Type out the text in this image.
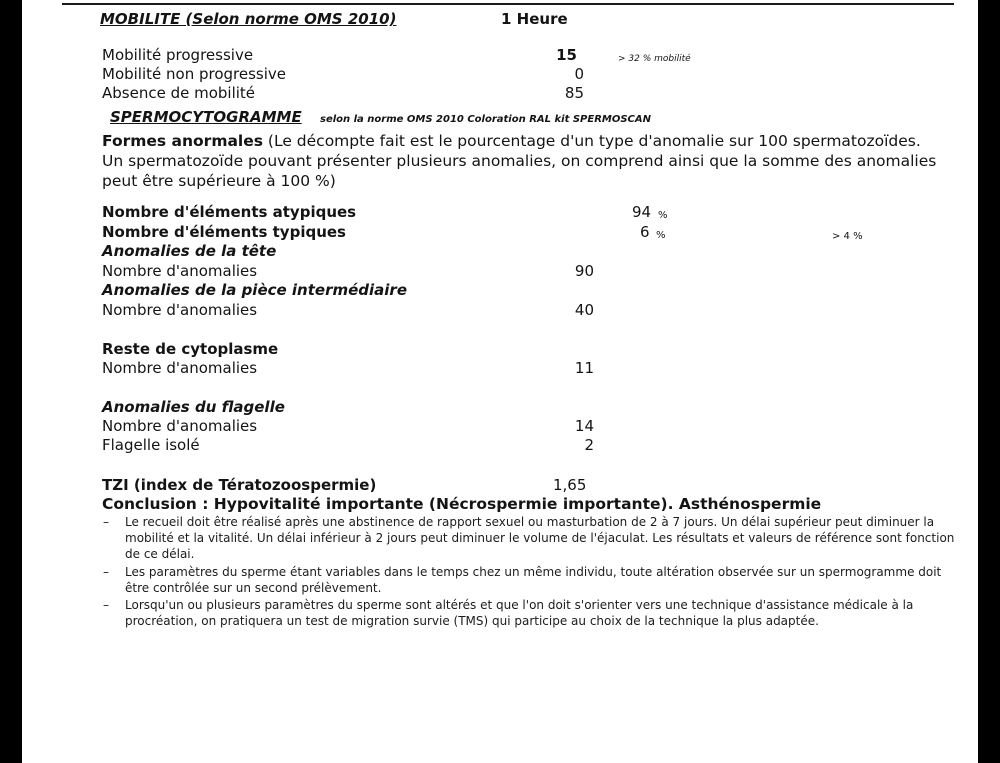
MOBILITE (Selon norme OMS 2010)	1 Heure
Mobilité progressive	15	> 32 % mobilité
Mobilité non progressive	0
Absence de mobilité	85
SPERMOCYTOGRAMME selon la norme OMS 2010 Coloration RAL kit SPERMOSCAN
Formes anormales (Le décompte fait est le pourcentage d'un type d'anomalie sur 100 spermatozoïdes. Un spermatozoïde pouvant présenter plusieurs anomalies, on comprend ainsi que la somme des anomalies peut être supérieure à 100 %)
Nombre d'éléments atypiques	94 %
Nombre d'éléments typiques	6 %	> 4 %
Anomalies de la tête
Nombre d'anomalies	90
Anomalies de la pièce intermédiaire
Nombre d'anomalies	40
Reste de cytoplasme
Nombre d'anomalies	11
Anomalies du flagelle
Nombre d'anomalies	14
Flagelle isolé	2
TZI (index de Tératozoospermie)	1,65
Conclusion : Hypovitalité importante (Nécrospermie importante). Asthénospermie
– Le recueil doit être réalisé après une abstinence de rapport sexuel ou masturbation de 2 à 7 jours. Un délai supérieur peut diminuer la mobilité et la vitalité. Un délai inférieur à 2 jours peut diminuer le volume de l'éjaculat. Les résultats et valeurs de référence sont fonction de ce délai.
– Les paramètres du sperme étant variables dans le temps chez un même individu, toute altération observée sur un spermogramme doit être contrôlée sur un second prélèvement.
– Lorsqu'un ou plusieurs paramètres du sperme sont altérés et que l'on doit s'orienter vers une technique d'assistance médicale à la procréation, on pratiquera un test de migration survie (TMS) qui participe au choix de la technique la plus adaptée.
